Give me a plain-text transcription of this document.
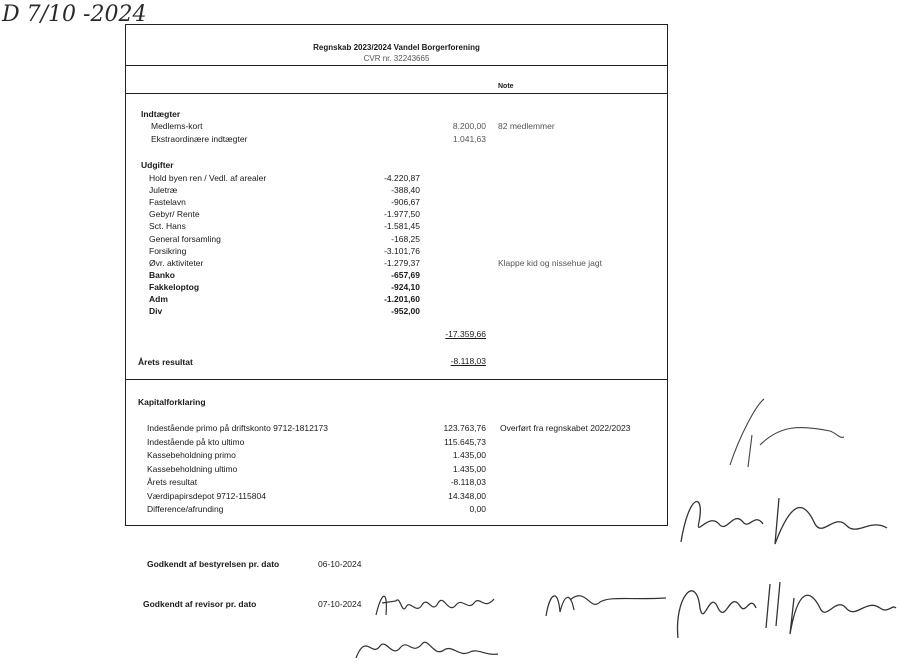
D 7/10 -2024
Regnskab 2023/2024 Vandel Borgerforening
CVR nr. 32243665
Note
Indtægter
Medlems-kort	8.200,00 82 medlemmer
Ekstraordinære indtægter	1.041,63
Udgifter
Hold byen ren / Vedl. af arealer	-4.220,87
Juletræ	-388,40
Fastelavn	-906,67
Gebyr/ Rente	-1.977,50
Sct. Hans	-1.581,45
General forsamling	-168,25
Forsikring	-3.101,76
Øvr. aktiviteter	-1.279,37	Klappe kid og nissehue jagt
Banko	-657,69
Fakkeloptog	-924,10
Adm	-1.201,60
Div	-952,00
-17.359,66
Årets resultat	-8.118,03
Kapitalforklaring
Indestående primo på driftskonto 9712-1812173	123.763,76 Overført fra regnskabet 2022/2023
Indestående på kto ultimo	115.645,73
Kassebeholdning primo	1.435,00
Kassebeholdning ultimo	1.435,00
Årets resultat	-8.118,03
Værdipapirsdepot 9712-115804	14.348,00
Difference/afrunding	0,00
Godkendt af bestyrelsen pr. dato	06-10-2024
Godkendt af revisor pr. dato	07-10-2024
